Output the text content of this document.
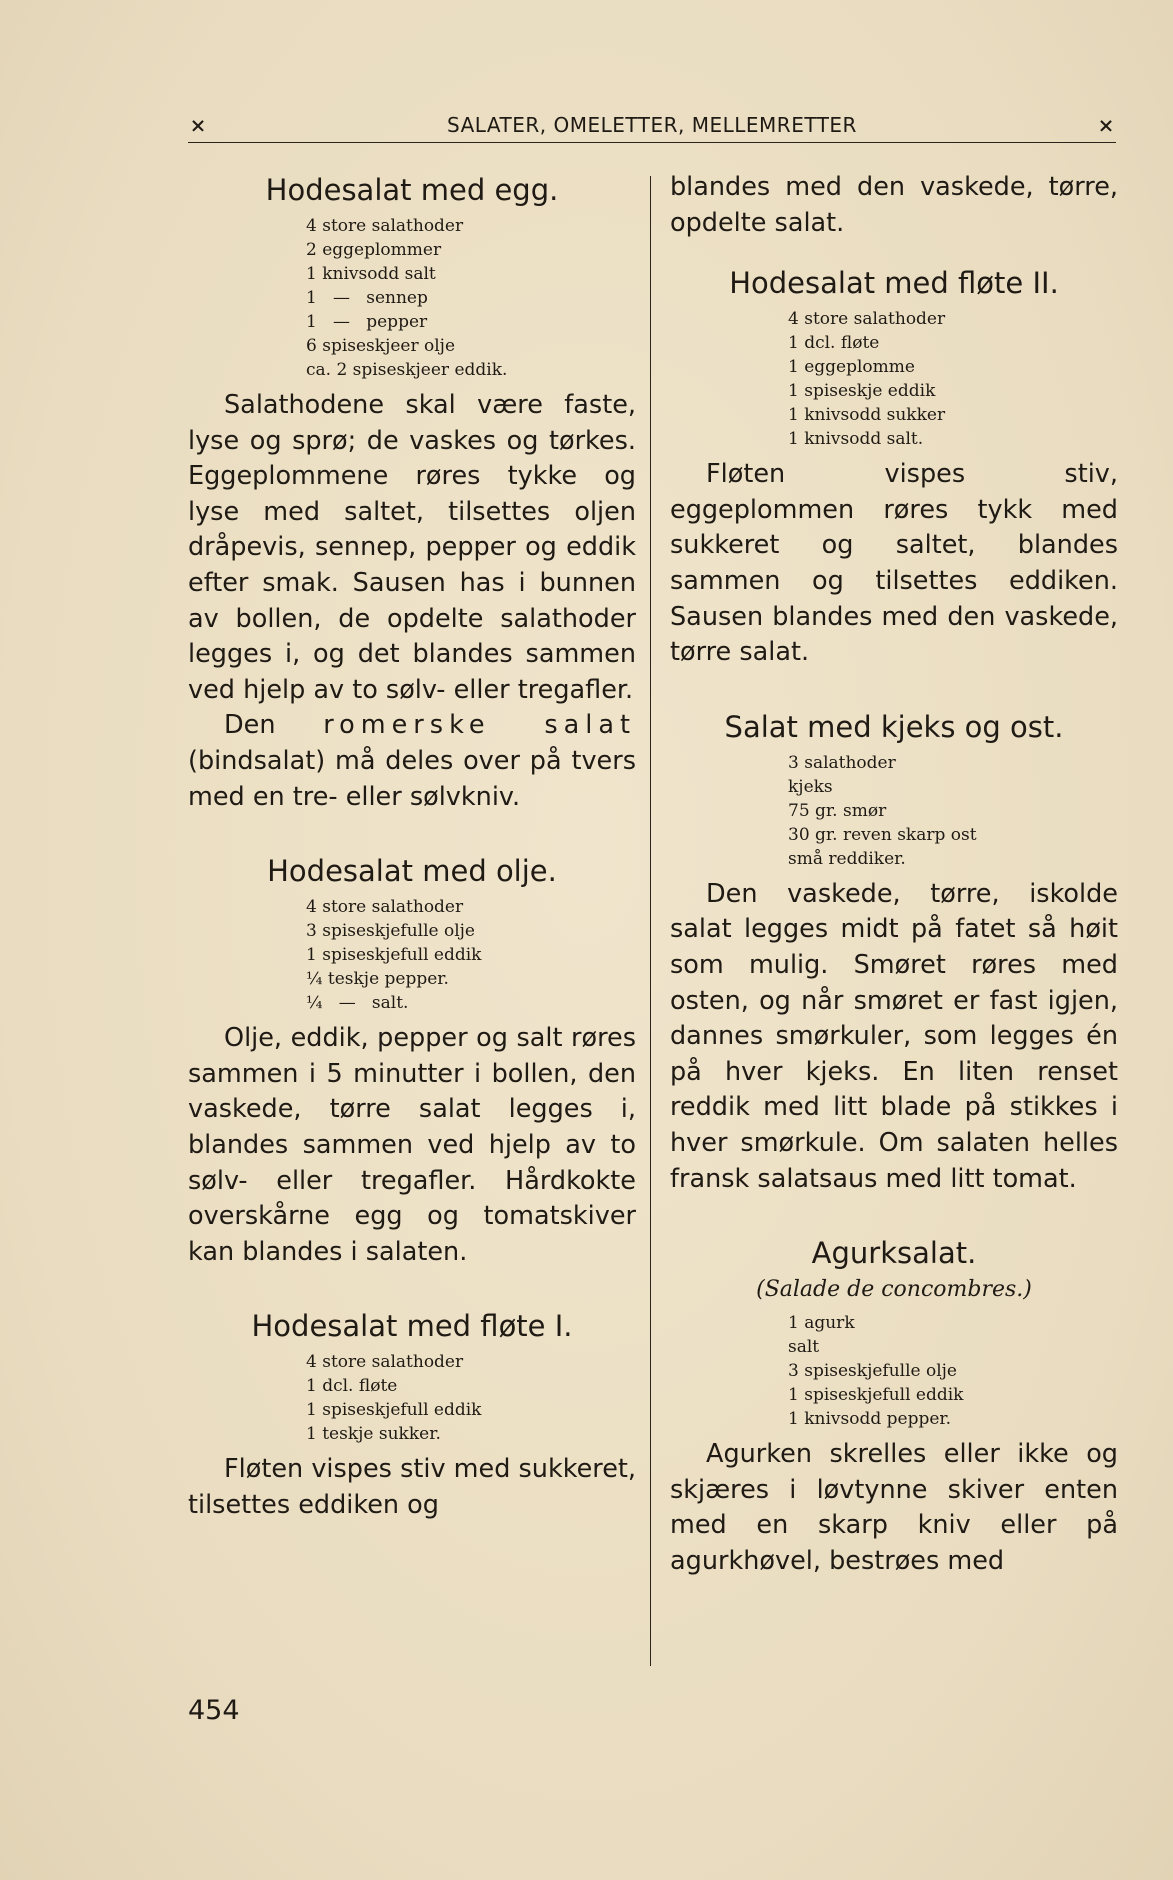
×	SALATER, OMELETTER, MELLEMRETTER	×
Hodesalat med egg.
4 store salathoder
2 eggeplommer
1 knivsodd salt
1   —   sennep
1   —   pepper
6 spiseskjeer olje
ca. 2 spiseskjeer eddik.

Salathodene skal være faste, lyse og sprø; de vaskes og tørkes. Eggeplommene røres tykke og lyse med saltet, tilsettes oljen dråpevis, sennep, pepper og eddik efter smak. Sausen has i bunnen av bollen, de opdelte salathoder legges i, og det blandes sammen ved hjelp av to sølv- eller tregafler.

Den romerske salat (bindsalat) må deles over på tvers med en tre- eller sølvkniv.

Hodesalat med olje.
4 store salathoder
3 spiseskjefulle olje
1 spiseskjefull eddik
¼ teskje pepper.
¼   —   salt.

Olje, eddik, pepper og salt røres sammen i 5 minutter i bollen, den vaskede, tørre salat legges i, blandes sammen ved hjelp av to sølv- eller tregafler. Hårdkokte overskårne egg og tomatskiver kan blandes i salaten.

Hodesalat med fløte I.
4 store salathoder
1 dcl. fløte
1 spiseskjefull eddik
1 teskje sukker.

Fløten vispes stiv med sukkeret, tilsettes eddiken og

blandes med den vaskede, tørre, opdelte salat.

Hodesalat med fløte II.
4 store salathoder
1 dcl. fløte
1 eggeplomme
1 spiseskje eddik
1 knivsodd sukker
1 knivsodd salt.

Fløten vispes stiv, eggeplommen røres tykk med sukkeret og saltet, blandes sammen og tilsettes eddiken. Sausen blandes med den vaskede, tørre salat.

Salat med kjeks og ost.
3 salathoder
kjeks
75 gr. smør
30 gr. reven skarp ost
små reddiker.

Den vaskede, tørre, iskolde salat legges midt på fatet så høit som mulig. Smøret røres med osten, og når smøret er fast igjen, dannes smørkuler, som legges én på hver kjeks. En liten renset reddik med litt blade på stikkes i hver smørkule. Om salaten helles fransk salatsaus med litt tomat.

Agurksalat.
(Salade de concombres.)
1 agurk
salt
3 spiseskjefulle olje
1 spiseskjefull eddik
1 knivsodd pepper.

Agurken skrelles eller ikke og skjæres i løvtynne skiver enten med en skarp kniv eller på agurkhøvel, bestrøes med

454
